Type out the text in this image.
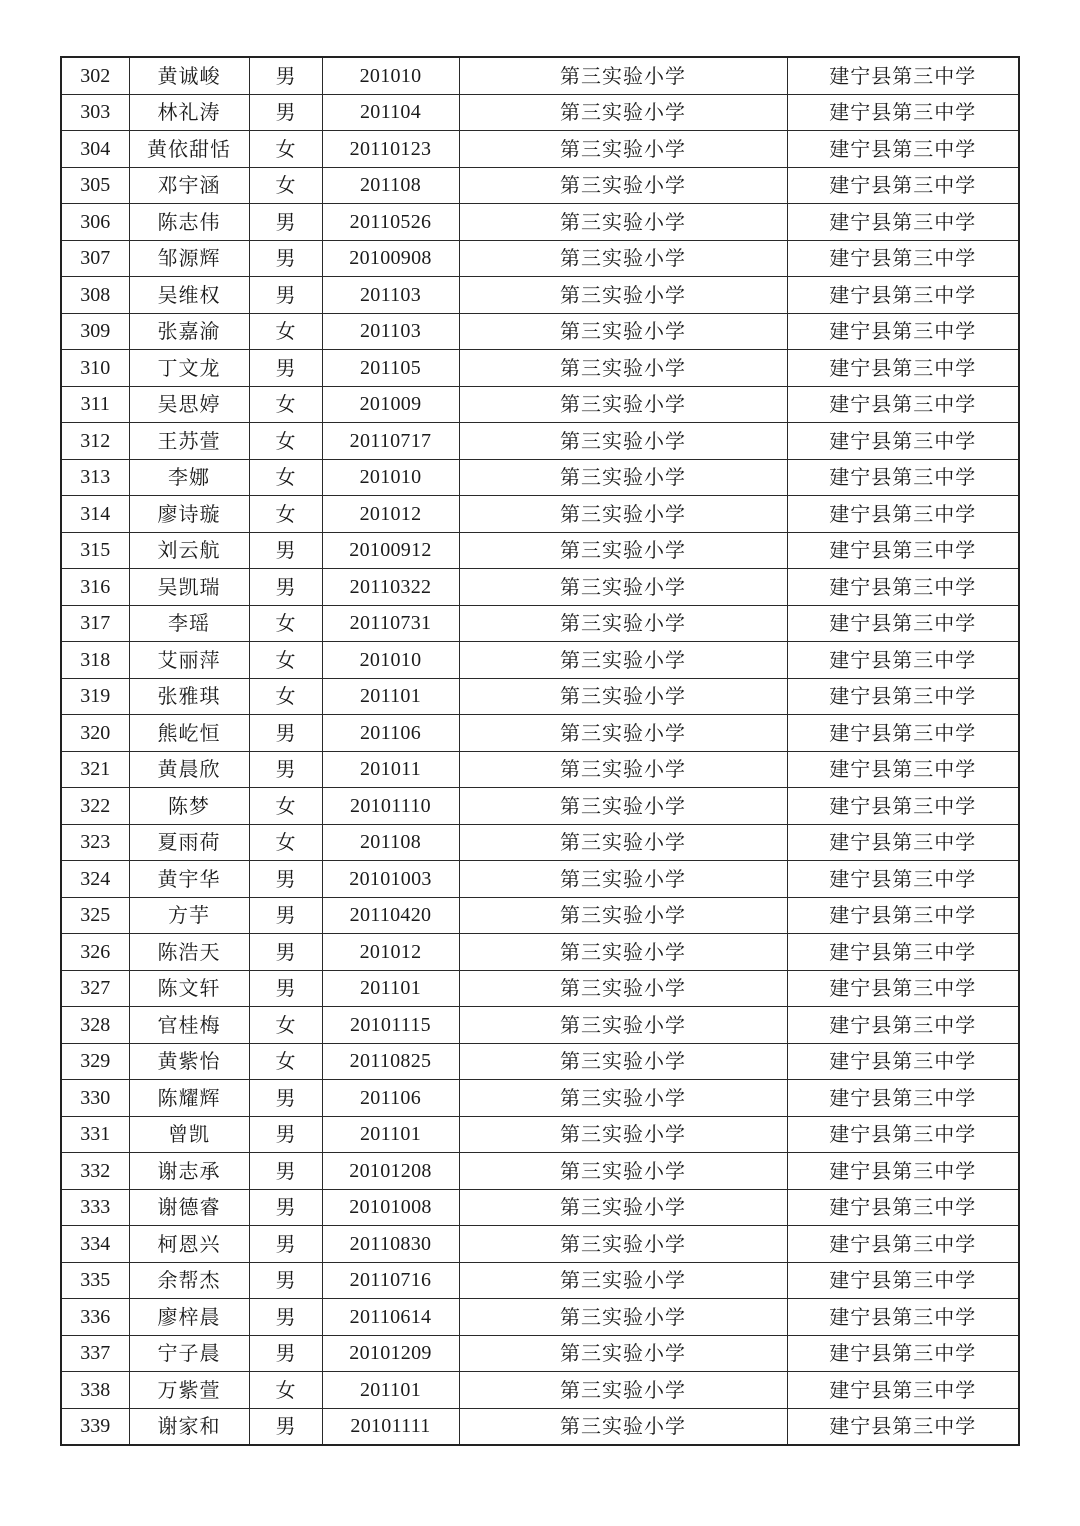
302	黄诚峻	男	201010	第三实验小学	建宁县第三中学
303	林礼涛	男	201104	第三实验小学	建宁县第三中学
304	黄依甜恬	女	20110123	第三实验小学	建宁县第三中学
305	邓宇涵	女	201108	第三实验小学	建宁县第三中学
306	陈志伟	男	20110526	第三实验小学	建宁县第三中学
307	邹源辉	男	20100908	第三实验小学	建宁县第三中学
308	吴维权	男	201103	第三实验小学	建宁县第三中学
309	张嘉渝	女	201103	第三实验小学	建宁县第三中学
310	丁文龙	男	201105	第三实验小学	建宁县第三中学
311	吴思婷	女	201009	第三实验小学	建宁县第三中学
312	王苏萱	女	20110717	第三实验小学	建宁县第三中学
313	李娜	女	201010	第三实验小学	建宁县第三中学
314	廖诗璇	女	201012	第三实验小学	建宁县第三中学
315	刘云航	男	20100912	第三实验小学	建宁县第三中学
316	吴凯瑞	男	20110322	第三实验小学	建宁县第三中学
317	李瑶	女	20110731	第三实验小学	建宁县第三中学
318	艾丽萍	女	201010	第三实验小学	建宁县第三中学
319	张雅琪	女	201101	第三实验小学	建宁县第三中学
320	熊屹恒	男	201106	第三实验小学	建宁县第三中学
321	黄晨欣	男	201011	第三实验小学	建宁县第三中学
322	陈梦	女	20101110	第三实验小学	建宁县第三中学
323	夏雨荷	女	201108	第三实验小学	建宁县第三中学
324	黄宇华	男	20101003	第三实验小学	建宁县第三中学
325	方芋	男	20110420	第三实验小学	建宁县第三中学
326	陈浩天	男	201012	第三实验小学	建宁县第三中学
327	陈文轩	男	201101	第三实验小学	建宁县第三中学
328	官桂梅	女	20101115	第三实验小学	建宁县第三中学
329	黄紫怡	女	20110825	第三实验小学	建宁县第三中学
330	陈耀辉	男	201106	第三实验小学	建宁县第三中学
331	曾凯	男	201101	第三实验小学	建宁县第三中学
332	谢志承	男	20101208	第三实验小学	建宁县第三中学
333	谢德睿	男	20101008	第三实验小学	建宁县第三中学
334	柯恩兴	男	20110830	第三实验小学	建宁县第三中学
335	余帮杰	男	20110716	第三实验小学	建宁县第三中学
336	廖梓晨	男	20110614	第三实验小学	建宁县第三中学
337	宁子晨	男	20101209	第三实验小学	建宁县第三中学
338	万紫萱	女	201101	第三实验小学	建宁县第三中学
339	谢家和	男	20101111	第三实验小学	建宁县第三中学
